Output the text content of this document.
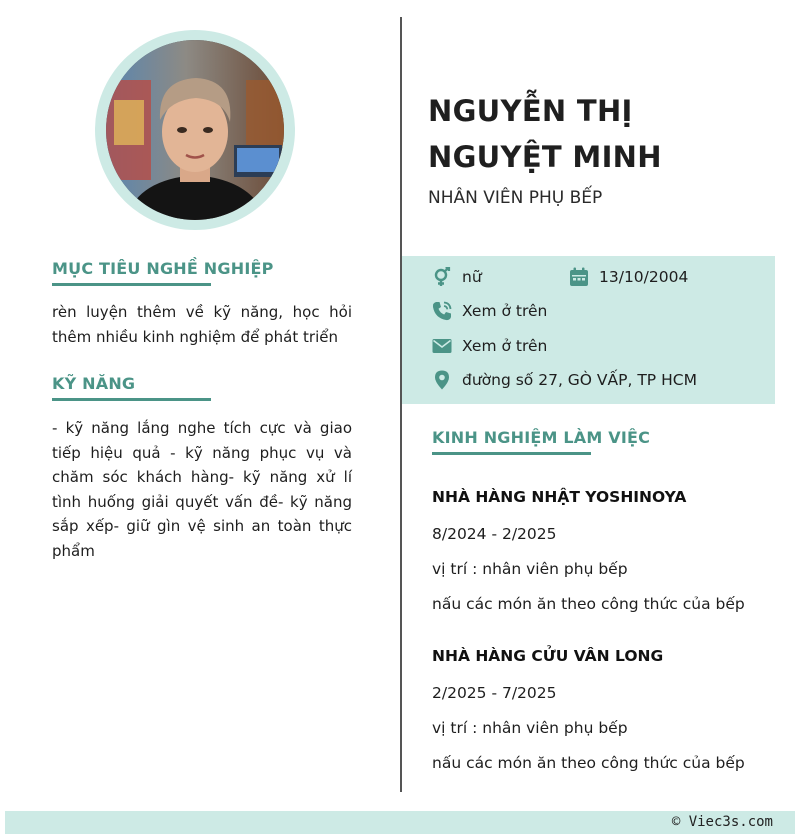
MỤC TIÊU NGHỀ NGHIỆP

rèn luyện thêm về kỹ năng, học hỏi thêm nhiều kinh nghiệm để phát triển

KỸ NĂNG

- kỹ năng lắng nghe tích cực và giao tiếp hiệu quả - kỹ năng phục vụ và chăm sóc khách hàng- kỹ năng xử lí tình huống giải quyết vấn đề- kỹ năng sắp xếp- giữ gìn vệ sinh an toàn thực phẩm

NGUYỄN THỊ NGUYỆT MINH
NHÂN VIÊN PHỤ BẾP
nữ	13/10/2004
Xem ở trên
Xem ở trên
đường số 27, GÒ VẤP, TP HCM
KINH NGHIỆM LÀM VIỆC
NHÀ HÀNG NHẬT YOSHINOYA
8/2024 - 2/2025
vị trí : nhân viên phụ bếp
nấu các món ăn theo công thức của bếp
NHÀ HÀNG CỬU VÂN LONG
2/2025 - 7/2025
vị trí : nhân viên phụ bếp
nấu các món ăn theo công thức của bếp
© Viec3s.com
